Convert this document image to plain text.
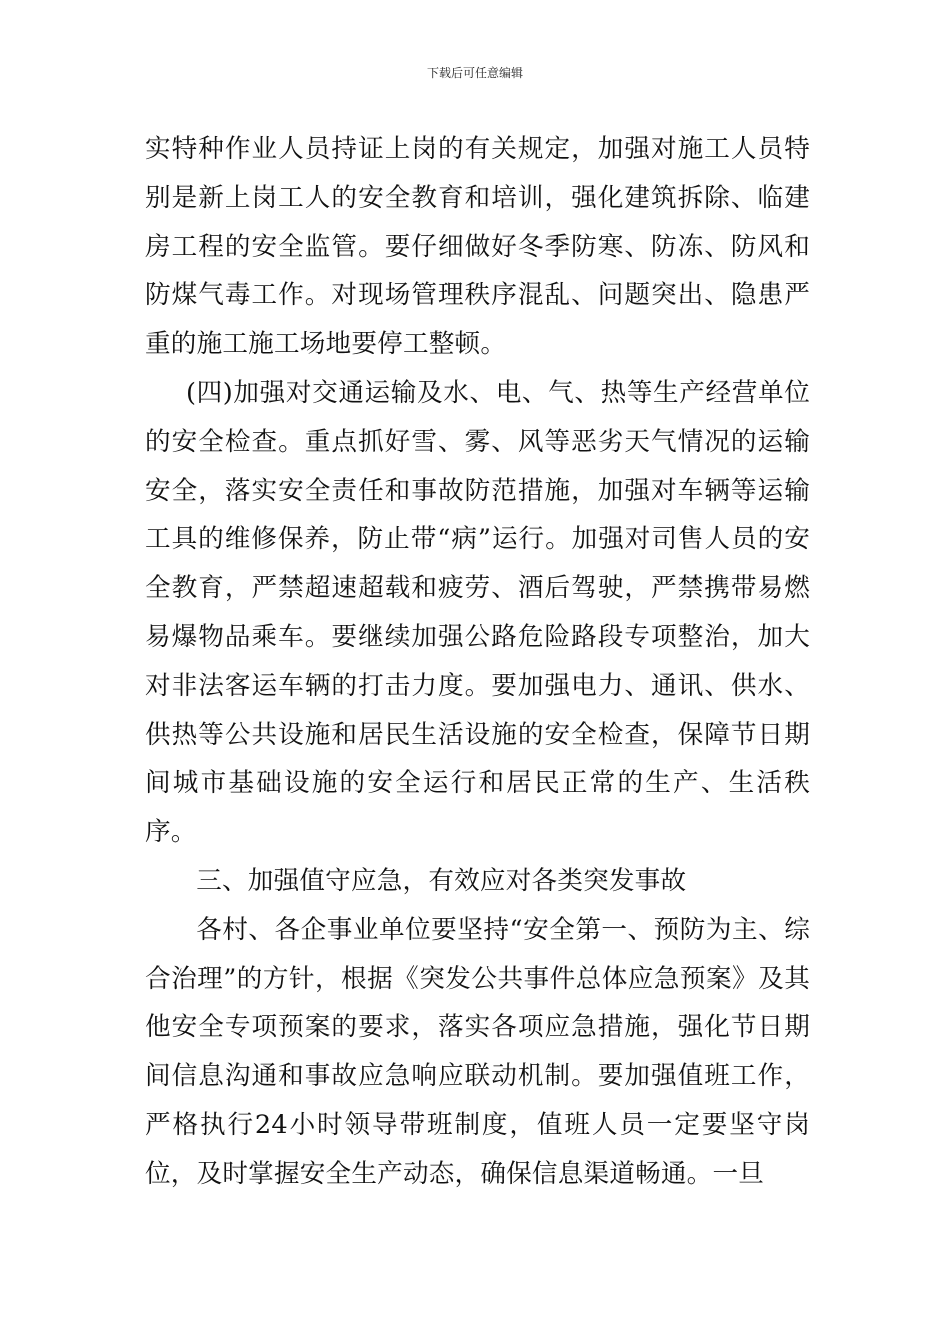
下载后可任意编辑

实特种作业人员持证上岗的有关规定，加强对施工人员特别是新上岗工人的安全教育和培训，强化建筑拆除、临建房工程的安全监管。要仔细做好冬季防寒、防冻、防风和防煤气毒工作。对现场管理秩序混乱、问题突出、隐患严重的施工施工场地要停工整顿。

(四)加强对交通运输及水、电、气、热等生产经营单位的安全检查。重点抓好雪、雾、风等恶劣天气情况的运输安全，落实安全责任和事故防范措施，加强对车辆等运输工具的维修保养，防止带“病”运行。加强对司售人员的安全教育，严禁超速超载和疲劳、酒后驾驶，严禁携带易燃易爆物品乘车。要继续加强公路危险路段专项整治，加大对非法客运车辆的打击力度。要加强电力、通讯、供水、供热等公共设施和居民生活设施的安全检查，保障节日期间城市基础设施的安全运行和居民正常的生产、生活秩序。

三、加强值守应急，有效应对各类突发事故

各村、各企事业单位要坚持“安全第一、预防为主、综合治理”的方针，根据《突发公共事件总体应急预案》及其他安全专项预案的要求，落实各项应急措施，强化节日期间信息沟通和事故应急响应联动机制。要加强值班工作，严格执行24小时领导带班制度，值班人员一定要坚守岗位，及时掌握安全生产动态，确保信息渠道畅通。一旦
